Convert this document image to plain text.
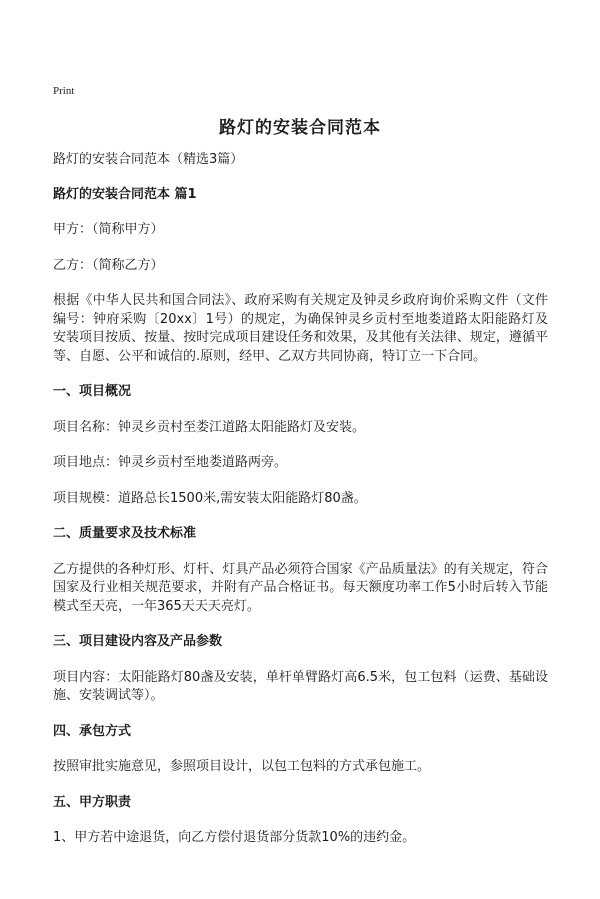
Print
路灯的安装合同范本

路灯的安装合同范本（精选3篇）

路灯的安装合同范本 篇1

甲方：（简称甲方）

乙方：（简称乙方）

根据《中华人民共和国合同法》、政府采购有关规定及钟灵乡政府询价采购文件（文件编号：钟府采购〔20xx〕1号）的规定，为确保钟灵乡贡村至地娄道路太阳能路灯及安装项目按质、按量、按时完成项目建设任务和效果，及其他有关法律、规定，遵循平等、自愿、公平和诚信的.原则，经甲、乙双方共同协商，特订立一下合同。

一、项目概况

项目名称：钟灵乡贡村至娄江道路太阳能路灯及安装。

项目地点：钟灵乡贡村至地娄道路两旁。

项目规模：道路总长1500米,需安装太阳能路灯80盏。

二、质量要求及技术标准

乙方提供的各种灯形、灯杆、灯具产品必须符合国家《产品质量法》的有关规定，符合国家及行业相关规范要求，并附有产品合格证书。每天额度功率工作5小时后转入节能模式至天亮，一年365天天天亮灯。

三、项目建设内容及产品参数

项目内容：太阳能路灯80盏及安装，单杆单臂路灯高6.5米，包工包料（运费、基础设施、安装调试等）。

四、承包方式

按照审批实施意见，参照项目设计，以包工包料的方式承包施工。

五、甲方职责

1、甲方若中途退货，向乙方偿付退货部分货款10%的违约金。
